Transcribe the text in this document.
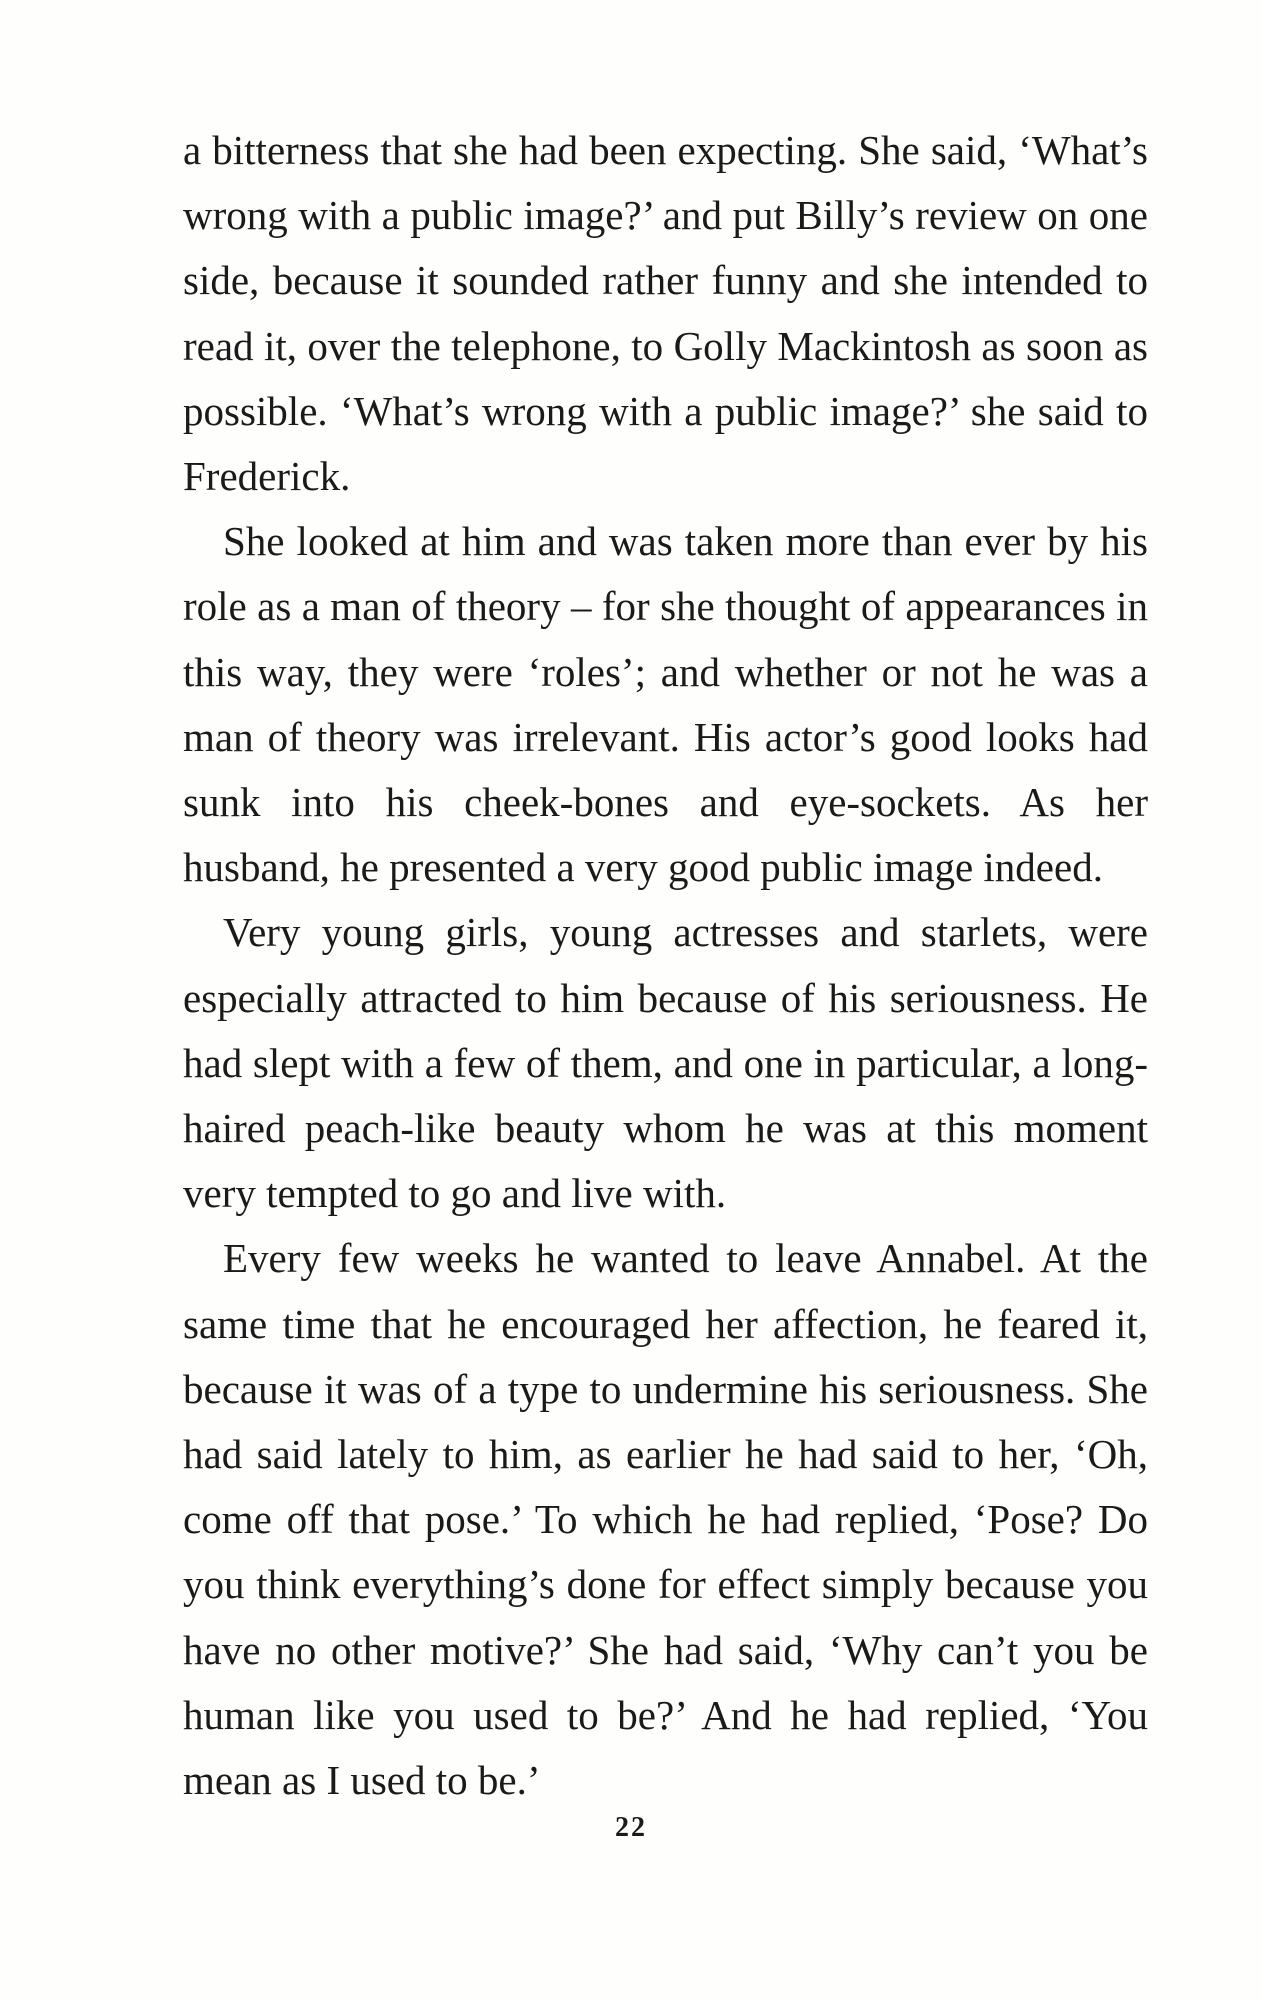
a bitterness that she had been expecting. She said, ‘What’s wrong with a public image?’ and put Billy’s review on one side, because it sounded rather funny and she intended to read it, over the telephone, to Golly Mackintosh as soon as possible. ‘What’s wrong with a public image?’ she said to Frederick.

She looked at him and was taken more than ever by his role as a man of theory – for she thought of appearances in this way, they were ‘roles’; and whether or not he was a man of theory was irrelevant. His actor’s good looks had sunk into his cheek-bones and eye-sockets. As her husband, he presented a very good public image indeed.

Very young girls, young actresses and starlets, were especially attracted to him because of his seriousness. He had slept with a few of them, and one in particular, a long-haired peach-like beauty whom he was at this moment very tempted to go and live with.

Every few weeks he wanted to leave Annabel. At the same time that he encouraged her affection, he feared it, because it was of a type to undermine his seriousness. She had said lately to him, as earlier he had said to her, ‘Oh, come off that pose.’ To which he had replied, ‘Pose? Do you think everything’s done for effect simply because you have no other motive?’ She had said, ‘Why can’t you be human like you used to be?’ And he had replied, ‘You mean as I used to be.’

22
